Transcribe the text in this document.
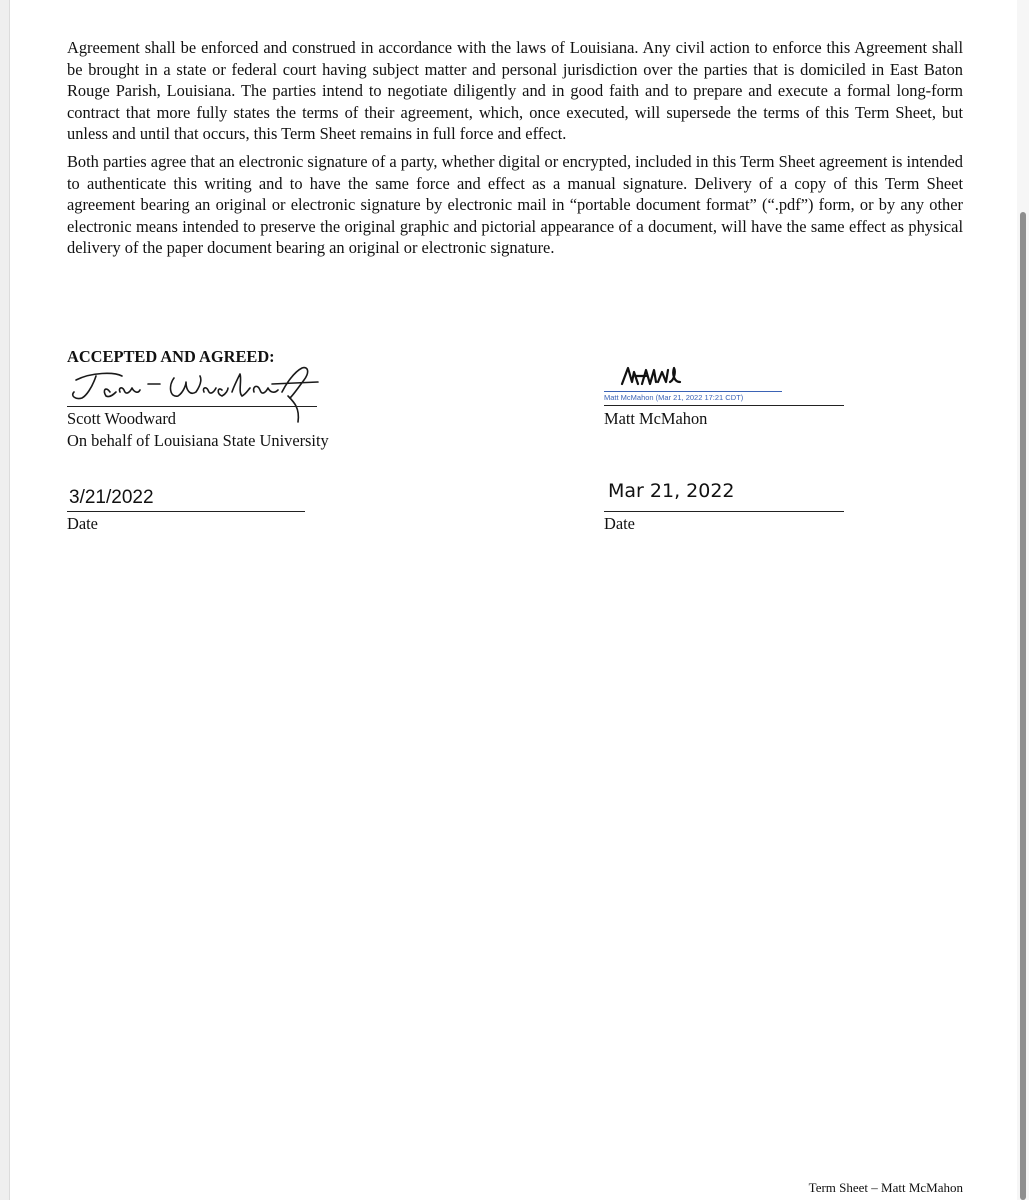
Agreement shall be enforced and construed in accordance with the laws of Louisiana. Any civil action to enforce this Agreement shall be brought in a state or federal court having subject matter and personal jurisdiction over the parties that is domiciled in East Baton Rouge Parish, Louisiana. The parties intend to negotiate diligently and in good faith and to prepare and execute a formal long-form contract that more fully states the terms of their agreement, which, once executed, will supersede the terms of this Term Sheet, but unless and until that occurs, this Term Sheet remains in full force and effect.

Both parties agree that an electronic signature of a party, whether digital or encrypted, included in this Term Sheet agreement is intended to authenticate this writing and to have the same force and effect as a manual signature. Delivery of a copy of this Term Sheet agreement bearing an original or electronic signature by electronic mail in “portable document format” (“.pdf”) form, or by any other electronic means intended to preserve the original graphic and pictorial appearance of a document, will have the same effect as physical delivery of the paper document bearing an original or electronic signature.

ACCEPTED AND AGREED:

Scott Woodward

On behalf of Louisiana State University

Matt McMahon (Mar 21, 2022 17:21 CDT)

Matt McMahon

3/21/2022

Date

Mar 21, 2022

Date

Term Sheet – Matt McMahon
